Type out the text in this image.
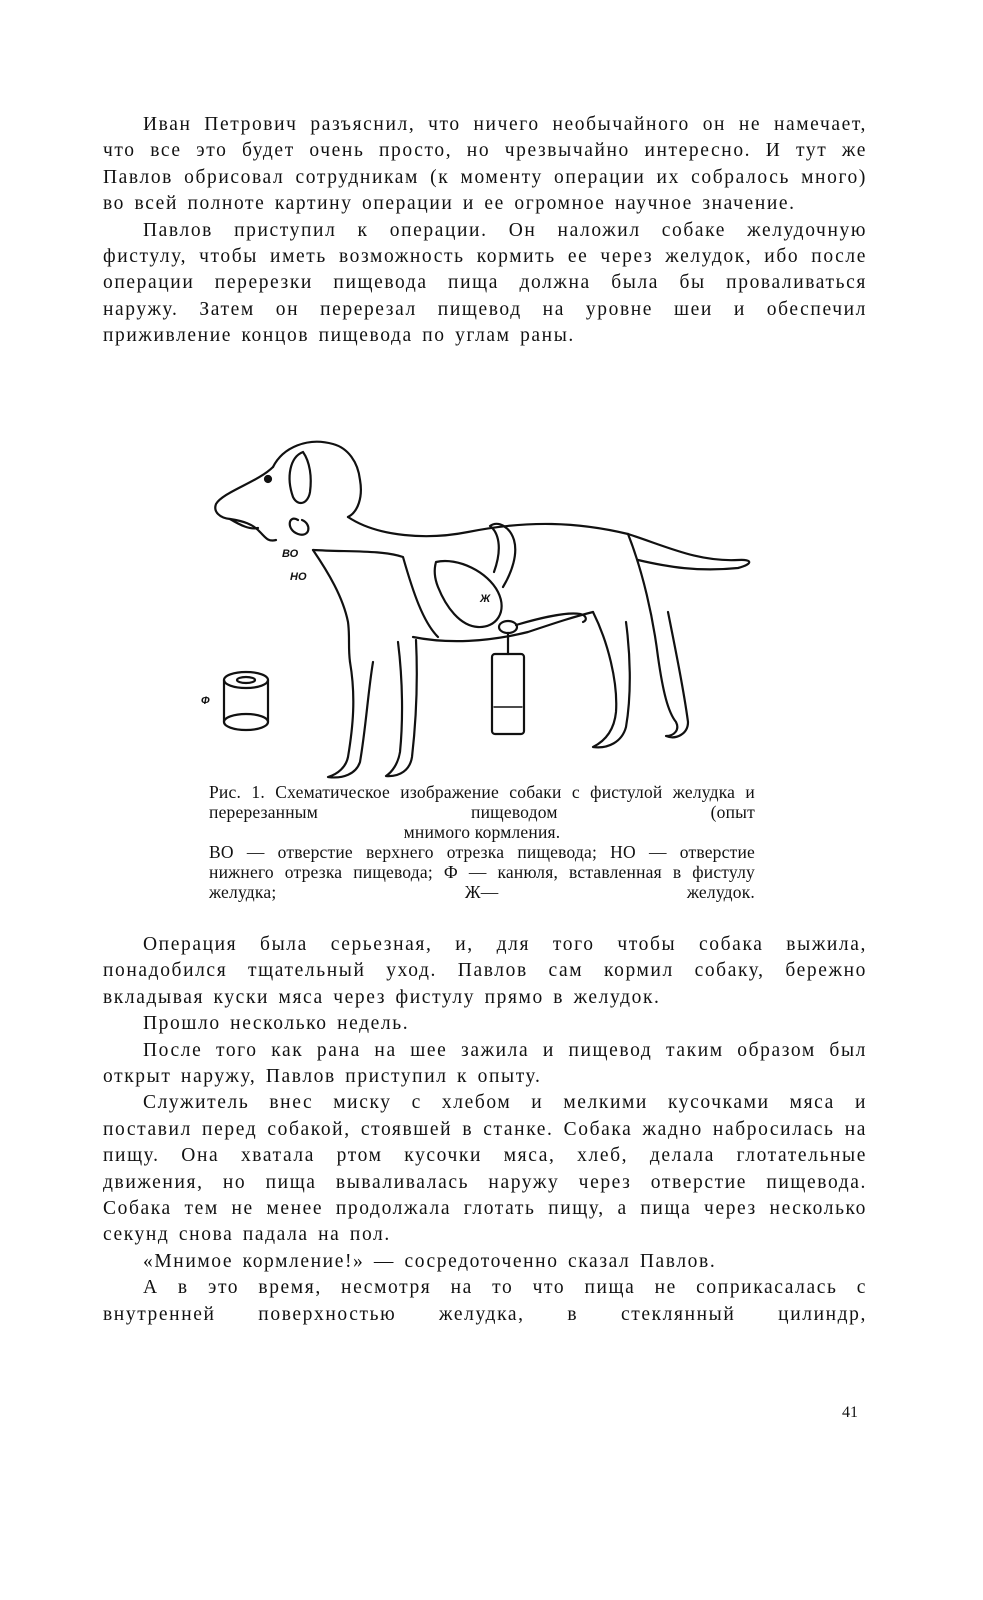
Иван Петрович разъяснил, что ничего необычайного он не намечает, что все это будет очень просто, но чрезвычайно интересно. И тут же Павлов обрисовал сотрудникам (к моменту операции их собралось много) во всей полноте картину операции и ее огромное научное значение.

Павлов приступил к операции. Он наложил собаке желудочную фистулу, чтобы иметь возможность кормить ее через желудок, ибо после операции перерезки пищевода пища должна была бы проваливаться наружу. Затем он перерезал пищевод на уровне шеи и обеспечил приживление концов пищевода по углам раны.

ВО
НО
Ж
Ф

Рис. 1. Схематическое изображение собаки с фистулой желудка и перерезанным пищеводом (опыт

мнимого кормления.

ВО — отверстие верхнего отрезка пищевода; НО — отверстие нижнего отрезка пищевода; Ф — канюля, вставленная в фистулу желудка; Ж— желудок.

Операция была серьезная, и, для того чтобы собака выжила, понадобился тщательный уход. Павлов сам кормил собаку, бережно вкладывая куски мяса через фистулу прямо в желудок.

Прошло несколько недель.

После того как рана на шее зажила и пищевод таким образом был открыт наружу, Павлов приступил к опыту.

Служитель внес миску с хлебом и мелкими кусочками мяса и поставил перед собакой, стоявшей в станке. Собака жадно набросилась на пищу. Она хватала ртом кусочки мяса, хлеб, делала глотательные движения, но пища вываливалась наружу через отверстие пищевода. Собака тем не менее продолжала глотать пищу, а пища через несколько секунд снова падала на пол.

«Мнимое кормление!» — сосредоточенно сказал Павлов.

А в это время, несмотря на то что пища не соприкасалась с внутренней поверхностью желудка, в стеклянный цилиндр,

41
